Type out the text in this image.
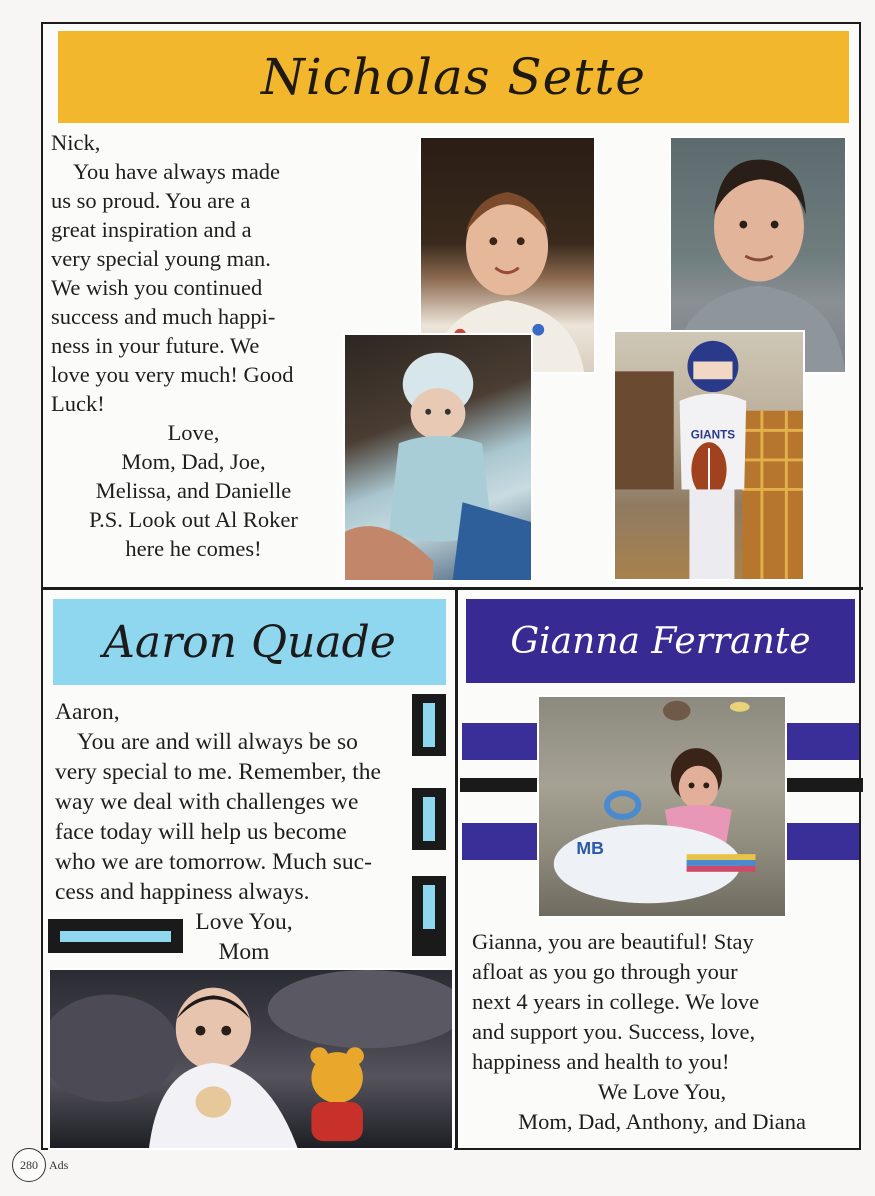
Nicholas Sette

Nick,

You have always made

us so proud. You are a

great inspiration and a

very special young man.

We wish you continued

success and much happi-

ness in your future. We

love you very much! Good

Luck!

Love,

Mom, Dad, Joe,

Melissa, and Danielle

P.S. Look out Al Roker

here he comes!

GIANTS
Aaron Quade

Aaron,

You are and will always be so

very special to me. Remember, the

way we deal with challenges we

face today will help us become

who we are tomorrow. Much suc-

cess and happiness always.

Love You,

Mom

Gianna Ferrante
MB

Gianna, you are beautiful! Stay

afloat as you go through your

next 4 years in college. We love

and support you. Success, love,

happiness and health to you!

We Love You,

Mom, Dad, Anthony, and Diana

280 Ads
